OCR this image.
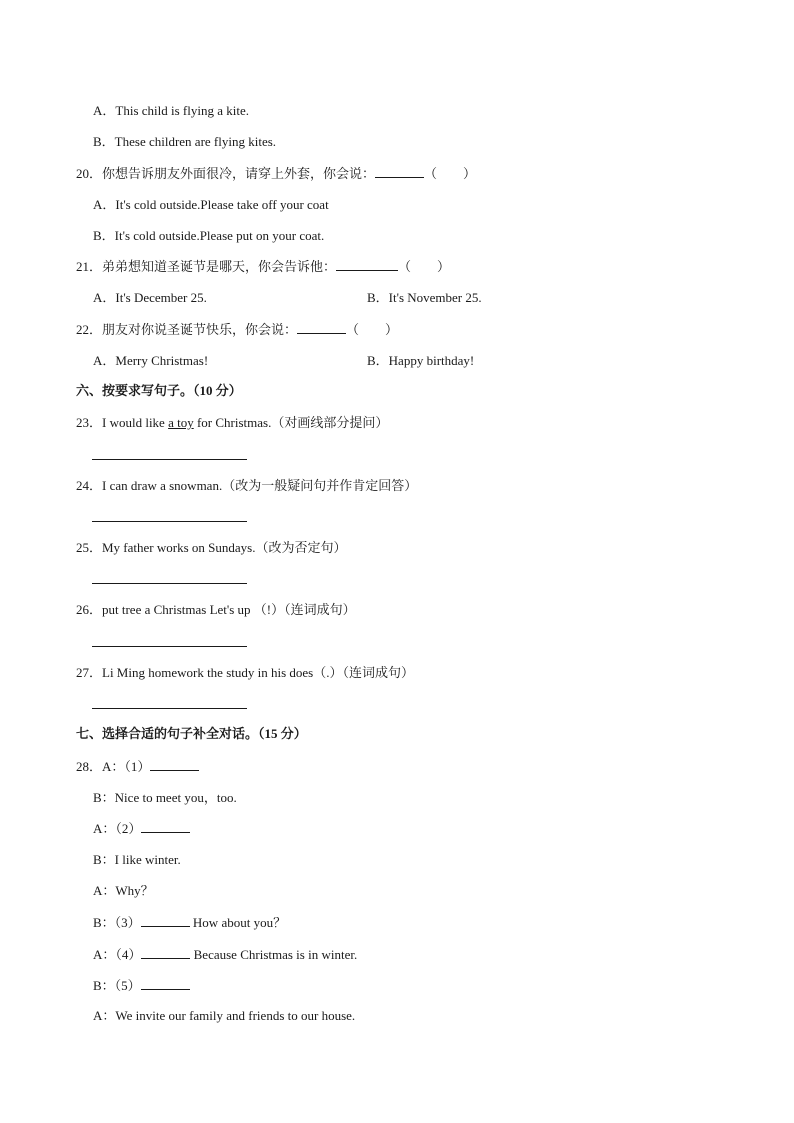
A．This child is flying a kite.
B．These children are flying kites.
20．你想告诉朋友外面很冷，请穿上外套，你会说：	（　　）
A．It's cold outside.Please take off your coat
B．It's cold outside.Please put on your coat.
21．弟弟想知道圣诞节是哪天，你会告诉他：	（　　）
A．It's December 25.	B．It's November 25.
22．朋友对你说圣诞节快乐，你会说：	（　　）
A．Merry Christmas!	B．Happy birthday!
六、按要求写句子。（10 分）
23．I would like a toy for Christmas.（对画线部分提问）
24．I can draw a snowman.（改为一般疑问句并作肯定回答）
25．My father works on Sundays.（改为否定句）
26．put tree a Christmas Let's up （!）（连词成句）
27．Li Ming homework the study in his does（.）（连词成句）
七、选择合适的句子补全对话。（15 分）
28．A：（1）
B：Nice to meet you，too.
A：（2）
B：I like winter.
A：Why？
B：（3）	How about you？
A：（4）	Because Christmas is in winter.
B：（5）
A：We invite our family and friends to our house.
